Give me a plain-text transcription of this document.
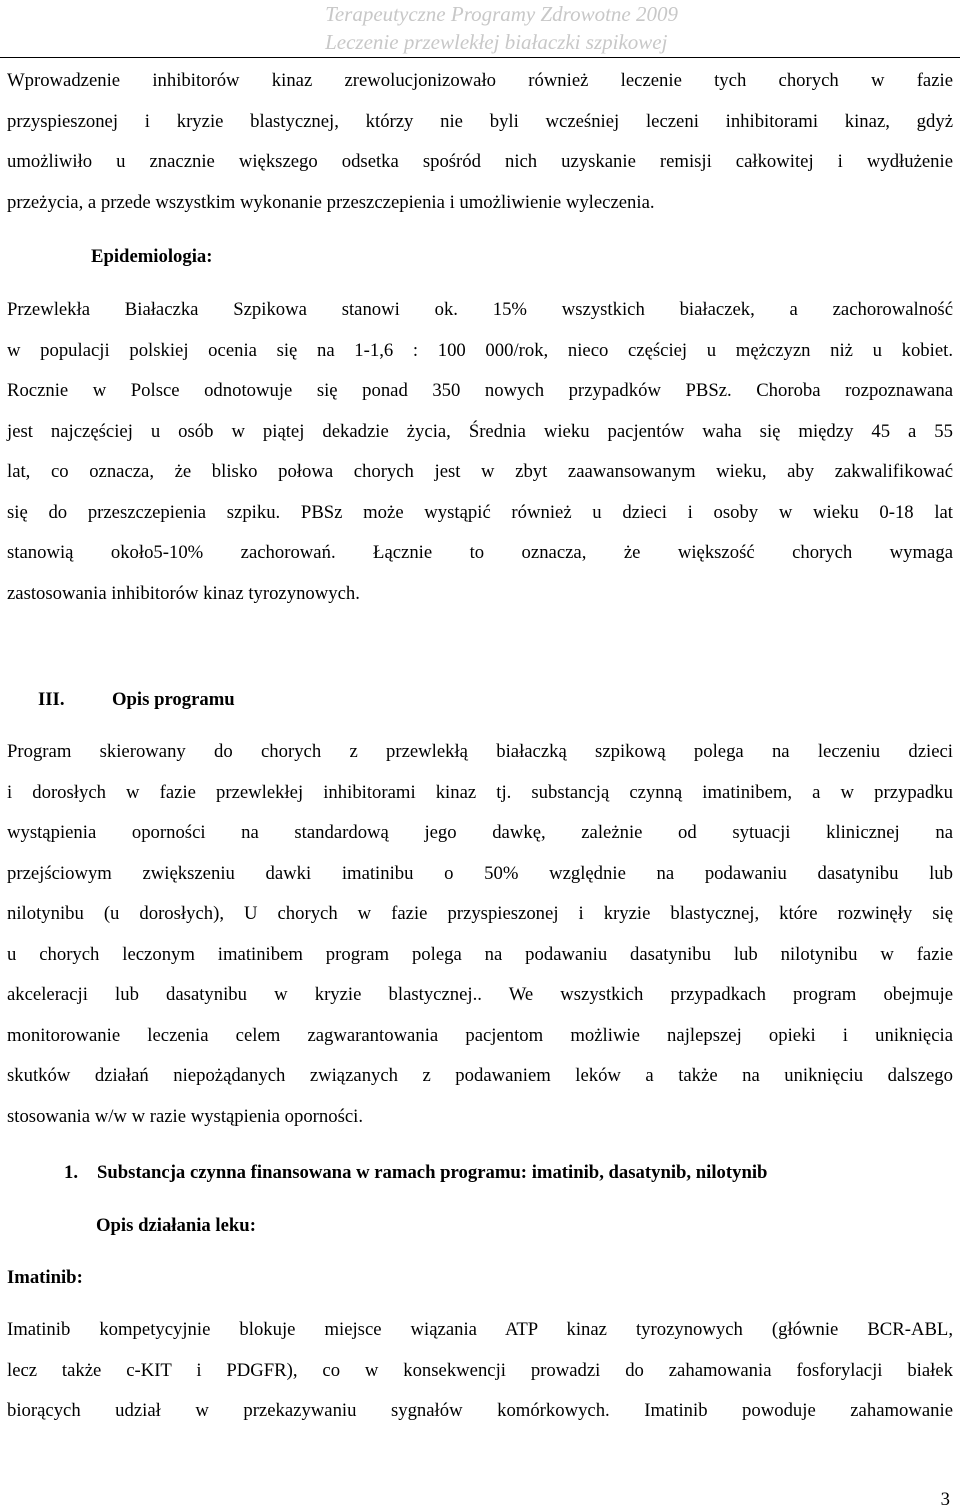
Terapeutyczne Programy Zdrowotne 2009
Leczenie przewlekłej białaczki szpikowej
Wprowadzenie inhibitorów kinaz zrewolucjonizowało również leczenie tych chorych w fazie
przyspieszonej i kryzie blastycznej, którzy nie byli wcześniej leczeni inhibitorami kinaz, gdyż
umożliwiło u znacznie większego odsetka spośród nich uzyskanie remisji całkowitej i wydłużenie
przeżycia, a przede wszystkim wykonanie przeszczepienia i umożliwienie wyleczenia.
Epidemiologia:
Przewlekła Białaczka Szpikowa stanowi ok. 15% wszystkich białaczek, a zachorowalność
w populacji polskiej ocenia się na 1-1,6 : 100 000/rok, nieco częściej u mężczyzn niż u kobiet.
Rocznie w Polsce odnotowuje się ponad 350 nowych przypadków PBSz. Choroba rozpoznawana
jest najczęściej u osób w piątej dekadzie życia, Średnia wieku pacjentów waha się między 45 a 55
lat, co oznacza, że blisko połowa chorych jest w zbyt zaawansowanym wieku, aby zakwalifikować
się do przeszczepienia szpiku. PBSz może wystąpić również u dzieci i osoby w wieku 0-18 lat
stanowią około5-10% zachorowań. Łącznie to oznacza, że większość chorych wymaga
zastosowania inhibitorów kinaz tyrozynowych.
III.	Opis programu
Program skierowany do chorych z przewlekłą białaczką szpikową polega na leczeniu dzieci
i dorosłych w fazie przewlekłej inhibitorami kinaz tj. substancją czynną imatinibem, a w przypadku
wystąpienia oporności na standardową jego dawkę, zależnie od sytuacji klinicznej na
przejściowym zwiększeniu dawki imatinibu o 50% względnie na podawaniu dasatynibu lub
nilotynibu (u dorosłych), U chorych w fazie przyspieszonej i kryzie blastycznej, które rozwinęły się
u chorych leczonym imatinibem program polega na podawaniu dasatynibu lub nilotynibu w fazie
akceleracji lub dasatynibu w kryzie blastycznej.. We wszystkich przypadkach program obejmuje
monitorowanie leczenia celem zagwarantowania pacjentom możliwie najlepszej opieki i uniknięcia
skutków działań niepożądanych związanych z podawaniem leków a także na uniknięciu dalszego
stosowania w/w w razie wystąpienia oporności.
1. Substancja czynna finansowana w ramach programu: imatinib, dasatynib, nilotynib
Opis działania leku:
Imatinib:
Imatinib kompetycyjnie blokuje miejsce wiązania ATP kinaz tyrozynowych (głównie BCR-ABL,
lecz także c-KIT i PDGFR), co w konsekwencji prowadzi do zahamowania fosforylacji białek
biorących udział w przekazywaniu sygnałów komórkowych. Imatinib powoduje zahamowanie
3
